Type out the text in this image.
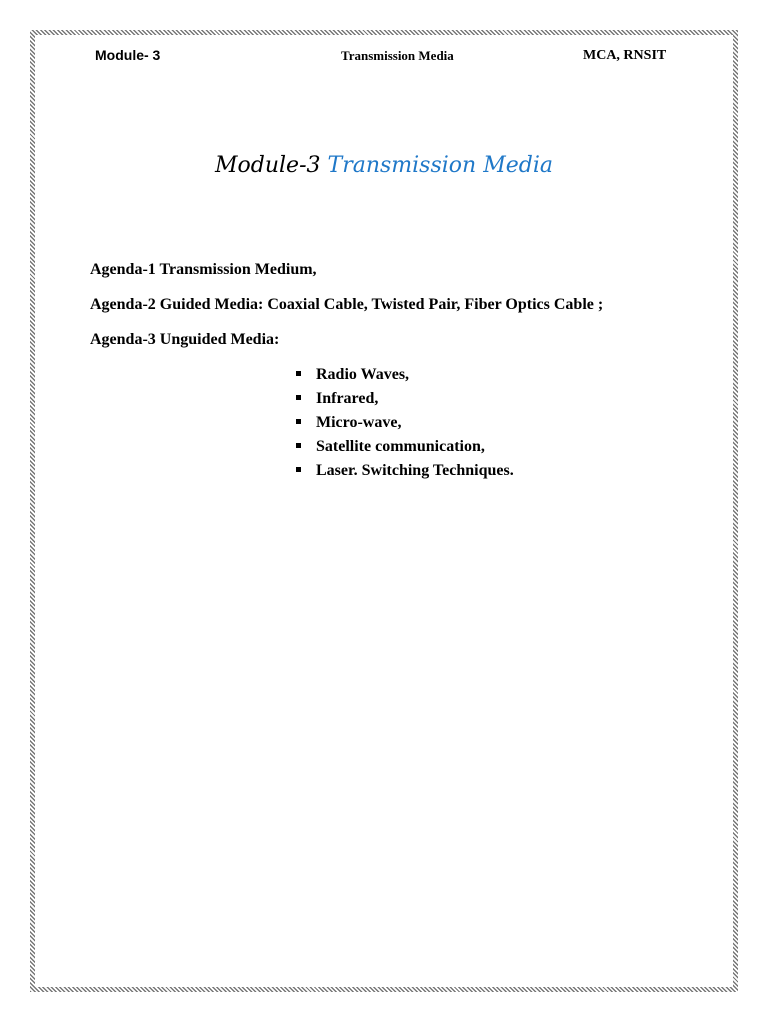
Module- 3	Transmission Media	MCA, RNSIT
Module-3 Transmission Media
Agenda-1 Transmission Medium,
Agenda-2 Guided Media: Coaxial Cable, Twisted Pair, Fiber Optics Cable ;
Agenda-3 Unguided Media:
Radio Waves,
Infrared,
Micro-wave,
Satellite communication,
Laser. Switching Techniques.
